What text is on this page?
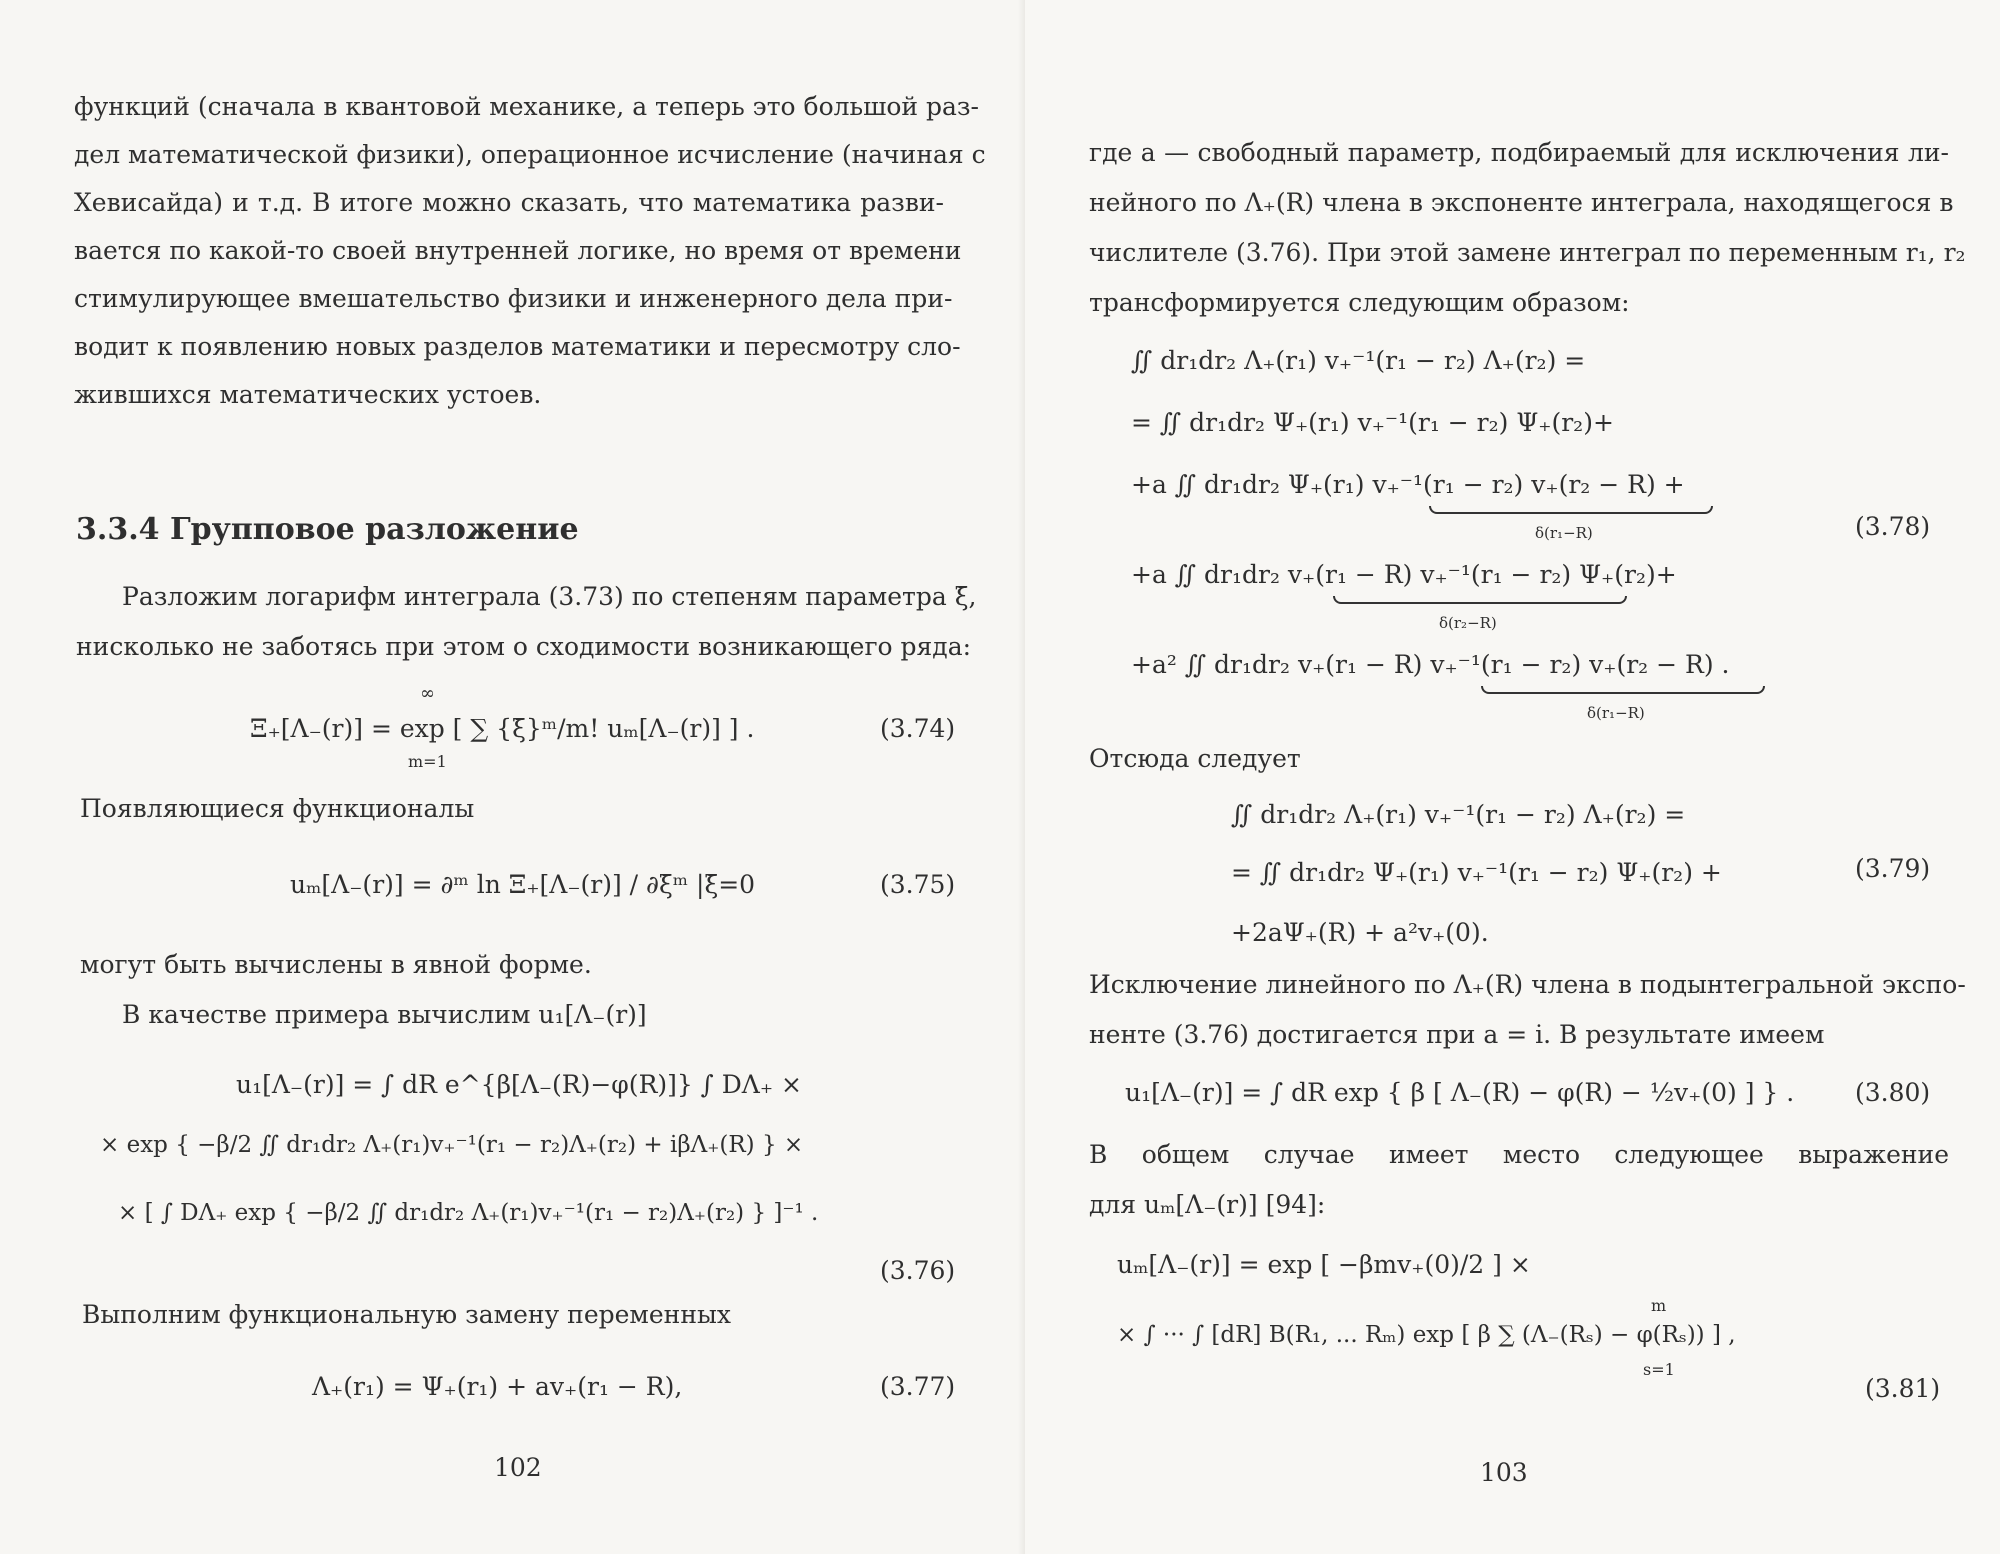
функций (сначала в квантовой механике, а теперь это большой раз-
дел математической физики), операционное исчисление (начиная с
Хевисайда) и т.д. В итоге можно сказать, что математика разви-
вается по какой-то своей внутренней логике, но время от времени
стимулирующее вмешательство физики и инженерного дела при-
водит к появлению новых разделов математики и пересмотру сло-
жившихся математических устоев.
3.3.4 Групповое разложение
Разложим логарифм интеграла (3.73) по степеням параметра ξ̄,
нисколько не заботясь при этом о сходимости возникающего ряда:
∞
Ξ₊[Λ₋(r)] = exp [ ∑ {ξ̄}ᵐ/m! uₘ[Λ₋(r)] ] .
m=1
(3.74)
Появляющиеся функционалы
uₘ[Λ₋(r)] = ∂ᵐ ln Ξ₊[Λ₋(r)] / ∂ξ̄ᵐ |ξ̄=0	(3.75)
могут быть вычислены в явной форме.
В качестве примера вычислим u₁[Λ₋(r)]
u₁[Λ₋(r)] = ∫ dR e^{β[Λ₋(R)−φ(R)]} ∫ DΛ₊ ×
× exp { −β/2 ∬ dr₁dr₂ Λ₊(r₁)v₊⁻¹(r₁ − r₂)Λ₊(r₂) + iβΛ₊(R) } ×
× [ ∫ DΛ₊ exp { −β/2 ∬ dr₁dr₂ Λ₊(r₁)v₊⁻¹(r₁ − r₂)Λ₊(r₂) } ]⁻¹ .
(3.76)
Выполним функциональную замену переменных
Λ₊(r₁) = Ψ₊(r₁) + av₊(r₁ − R),	(3.77)
102
где a — свободный параметр, подбираемый для исключения ли-
нейного по Λ₊(R) члена в экспоненте интеграла, находящегося в
числителе (3.76). При этой замене интеграл по переменным r₁, r₂
трансформируется следующим образом:
∬ dr₁dr₂ Λ₊(r₁) v₊⁻¹(r₁ − r₂) Λ₊(r₂) =
= ∬ dr₁dr₂ Ψ₊(r₁) v₊⁻¹(r₁ − r₂) Ψ₊(r₂)+
+a ∬ dr₁dr₂ Ψ₊(r₁) v₊⁻¹(r₁ − r₂) v₊(r₂ − R) +
δ(r₁−R)	(3.78)
+a ∬ dr₁dr₂ v₊(r₁ − R) v₊⁻¹(r₁ − r₂) Ψ₊(r₂)+
δ(r₂−R)
+a² ∬ dr₁dr₂ v₊(r₁ − R) v₊⁻¹(r₁ − r₂) v₊(r₂ − R) .
δ(r₁−R)
Отсюда следует
∬ dr₁dr₂ Λ₊(r₁) v₊⁻¹(r₁ − r₂) Λ₊(r₂) =
= ∬ dr₁dr₂ Ψ₊(r₁) v₊⁻¹(r₁ − r₂) Ψ₊(r₂) +
+2aΨ₊(R) + a²v₊(0).
(3.79)
Исключение линейного по Λ₊(R) члена в подынтегральной экспо-
ненте (3.76) достигается при a = i. В результате имеем
u₁[Λ₋(r)] = ∫ dR exp { β [ Λ₋(R) − φ(R) − ½v₊(0) ] } . (3.80)
В общем случае имеет место следующее выражение
для uₘ[Λ₋(r)] [94]:
uₘ[Λ₋(r)] = exp [ −βmv₊(0)/2 ] ×
m
× ∫ ··· ∫ [dR] B(R₁, ... Rₘ) exp [ β ∑ (Λ₋(Rₛ) − φ(Rₛ)) ] ,
s=1
(3.81)
103
